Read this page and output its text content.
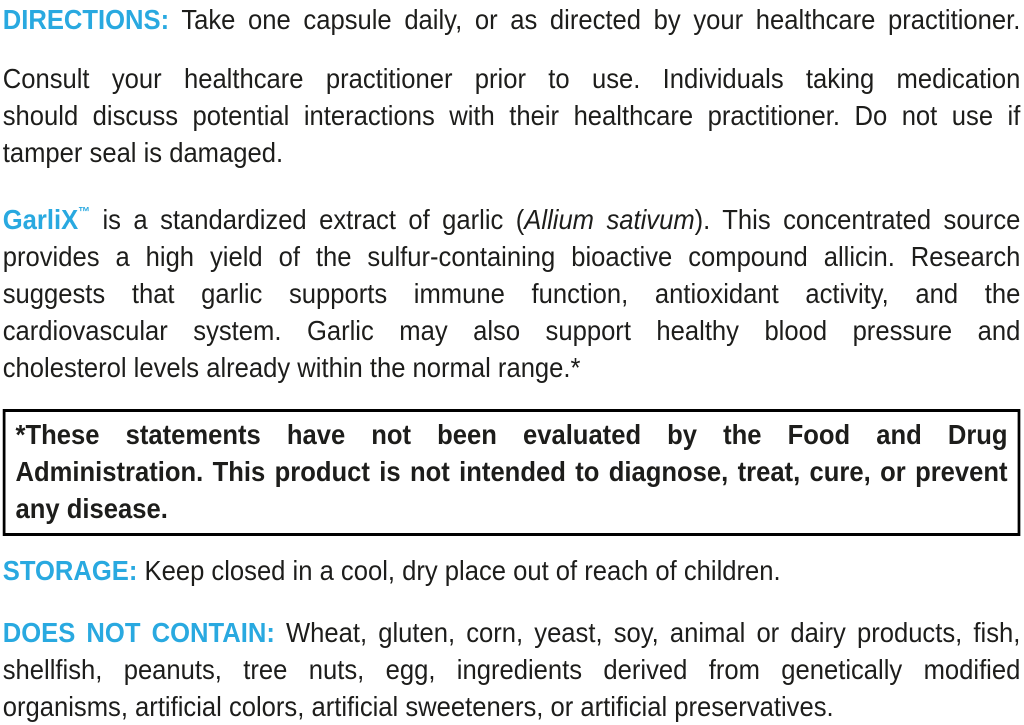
DIRECTIONS: Take one capsule daily, or as directed by your healthcare practitioner.
Consult your healthcare practitioner prior to use. Individuals taking medication
should discuss potential interactions with their healthcare practitioner. Do not use if
tamper seal is damaged.
GarliX™ is a standardized extract of garlic (Allium sativum). This concentrated source
provides a high yield of the sulfur-containing bioactive compound allicin. Research
suggests that garlic supports immune function, antioxidant activity, and the
cardiovascular system. Garlic may also support healthy blood pressure and
cholesterol levels already within the normal range.*
*These statements have not been evaluated by the Food and Drug
Administration. This product is not intended to diagnose, treat, cure, or prevent
any disease.
STORAGE: Keep closed in a cool, dry place out of reach of children.
DOES NOT CONTAIN: Wheat, gluten, corn, yeast, soy, animal or dairy products, fish,
shellfish, peanuts, tree nuts, egg, ingredients derived from genetically modified
organisms, artificial colors, artificial sweeteners, or artificial preservatives.
